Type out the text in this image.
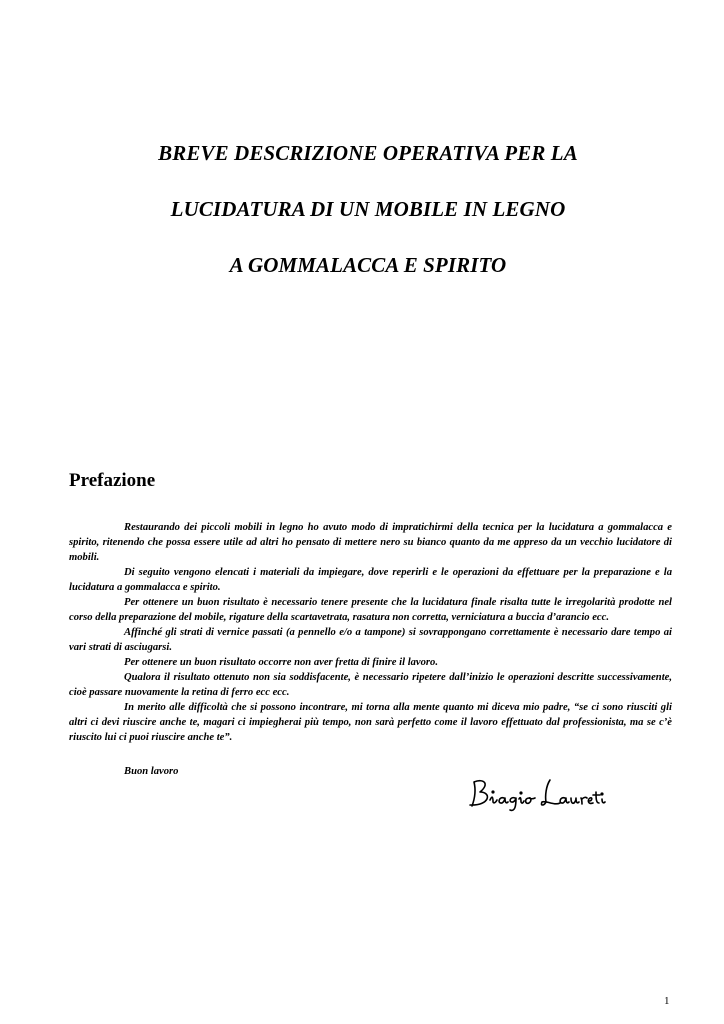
BREVE DESCRIZIONE OPERATIVA PER LA
LUCIDATURA DI UN MOBILE IN LEGNO
A GOMMALACCA E SPIRITO
Prefazione

Restaurando dei piccoli mobili in legno ho avuto modo di impratichirmi della tecnica per la lucidatura a gommalacca e spirito, ritenendo che possa essere utile ad altri ho pensato di mettere nero su bianco quanto da me appreso da un vecchio lucidatore di mobili.

Di seguito vengono elencati i materiali da impiegare, dove reperirli e le operazioni da effettuare per la preparazione e la lucidatura a gommalacca e spirito.

Per ottenere un buon risultato è necessario tenere presente che la lucidatura finale risalta tutte le irregolarità prodotte nel corso della preparazione del mobile, rigature della scartavetrata, rasatura non corretta, verniciatura a buccia d’arancio ecc.

Affinché gli strati di vernice passati (a pennello e/o a tampone) si sovrappongano correttamente è necessario dare tempo ai vari strati di asciugarsi.

Per ottenere un buon risultato occorre non aver fretta di finire il lavoro.

Qualora il risultato ottenuto non sia soddisfacente, è necessario ripetere dall’inizio le operazioni descritte successivamente, cioè passare nuovamente la retina di ferro ecc ecc.

In merito alle difficoltà che si possono incontrare, mi torna alla mente quanto mi diceva mio padre, “se ci sono riusciti gli altri ci devi riuscire anche te, magari ci impiegherai più tempo, non sarà perfetto come il lavoro effettuato dal professionista, ma se c’è riuscito lui ci puoi riuscire anche te”.

Buon lavoro
1
